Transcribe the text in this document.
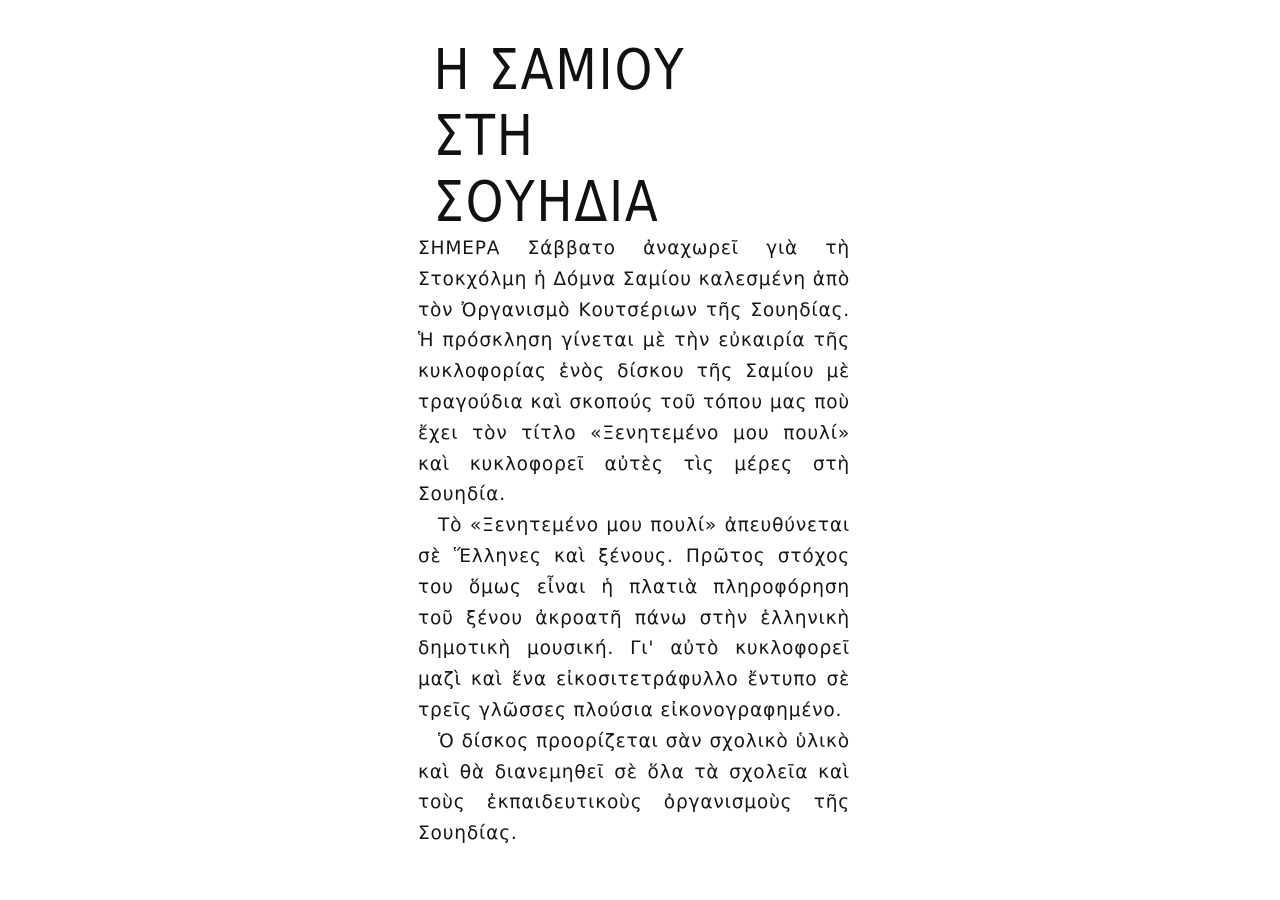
Η ΣΑΜΙΟΥ
ΣΤΗ
ΣΟΥΗΔΙΑ

ΣΗΜΕΡΑ Σάββατο ἀναχωρεῖ γιὰ τὴ Στοκχόλμη ἡ Δόμνα Σαμίου καλεσμένη ἀπὸ τὸν Ὀργανισμὸ Κουτσέριων τῆς Σουηδίας. Ἡ πρόσκληση γίνεται μὲ τὴν εὐκαιρία τῆς κυκλοφορίας ἑνὸς δίσκου τῆς Σαμίου μὲ τραγούδια καὶ σκοπούς τοῦ τόπου μας ποὺ ἔχει τὸν τίτλο «Ξενητεμένο μου πουλί» καὶ κυκλοφορεῖ αὐτὲς τὶς μέρες στὴ Σουηδία.

Τὸ «Ξενητεμένο μου πουλί» ἀπευθύνεται σὲ Ἕλληνες καὶ ξένους. Πρῶτος στόχος του ὅμως εἶναι ἡ πλατιὰ πληροφόρηση τοῦ ξένου ἀκροατῆ πάνω στὴν ἑλληνικὴ δημοτικὴ μουσική. Γι' αὐτὸ κυκλοφορεῖ μαζὶ καὶ ἕνα εἰκοσιτετράφυλλο ἔντυπο σὲ τρεῖς γλῶσσες πλούσια εἰκονογραφημένο.

Ὁ δίσκος προορίζεται σὰν σχολικὸ ὑλικὸ καὶ θὰ διανεμηθεῖ σὲ ὅλα τὰ σχολεῖα καὶ τοὺς ἐκπαιδευτικοὺς ὀργανισμοὺς τῆς Σουηδίας.
